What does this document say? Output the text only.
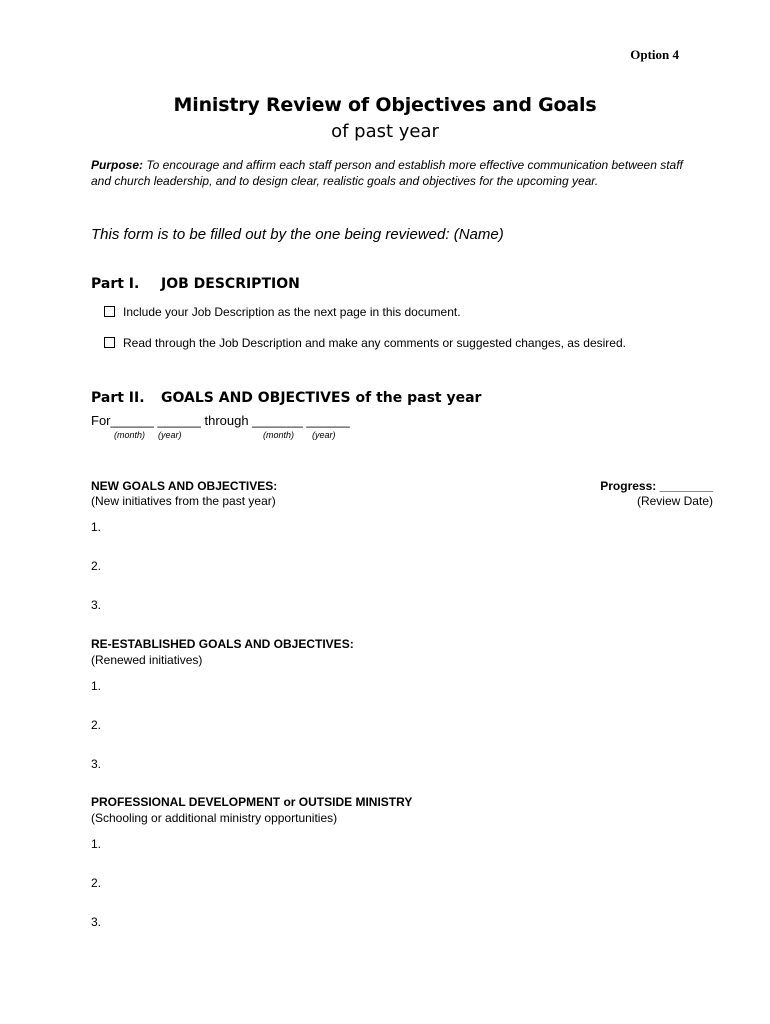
Option 4
Ministry Review of Objectives and Goals
of past year
Purpose: To encourage and affirm each staff person and establish more effective communication between staff and church leadership, and to design clear, realistic goals and objectives for the upcoming year.
This form is to be filled out by the one being reviewed: (Name)
Part I. JOB DESCRIPTION
Include your Job Description as the next page in this document.
Read through the Job Description and make any comments or suggested changes, as desired.
Part II. GOALS AND OBJECTIVES of the past year
For______ ______ through _______ ______
(month) (year)	(month) (year)
NEW GOALS AND OBJECTIVES:
(New initiatives from the past year)
Progress: ________
(Review Date)
1.
2.
3.
RE-ESTABLISHED GOALS AND OBJECTIVES:
(Renewed initiatives)
1.
2.
3.
PROFESSIONAL DEVELOPMENT or OUTSIDE MINISTRY
(Schooling or additional ministry opportunities)
1.
2.
3.
